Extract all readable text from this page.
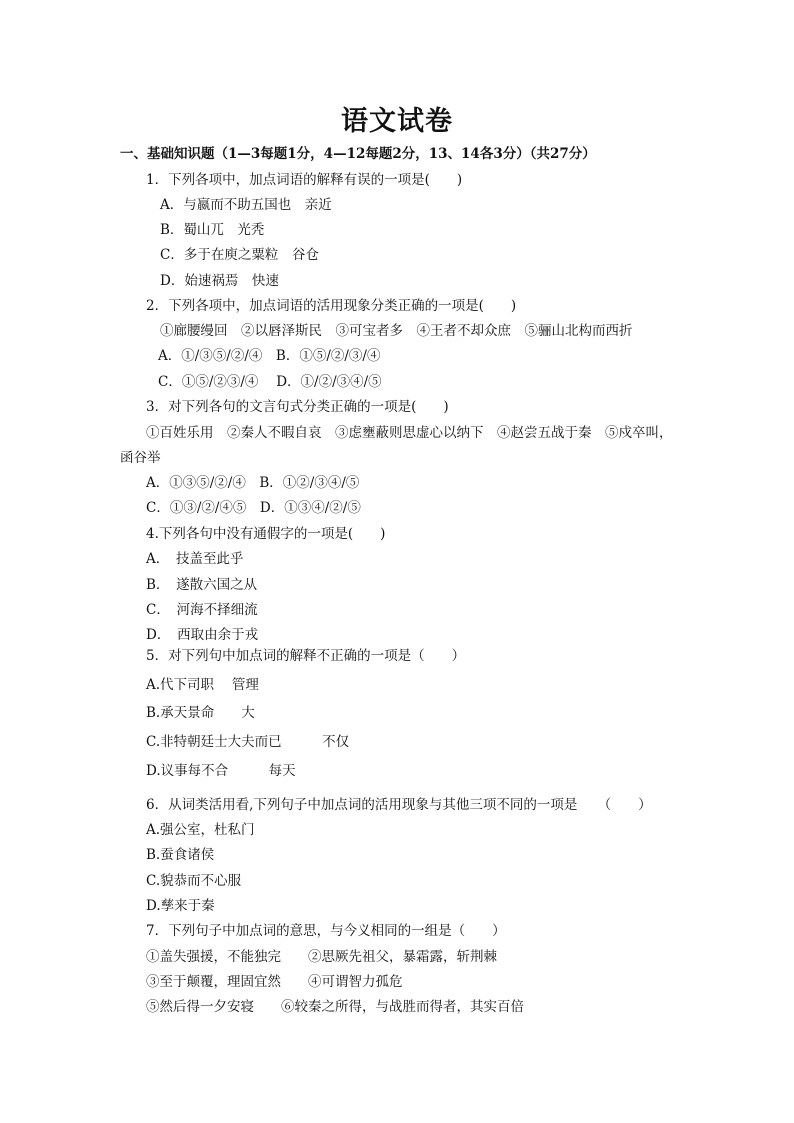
语文试卷
一、基础知识题（1—3每题1分，4—12每题2分，13、14各3分）（共27分）
1．下列各项中，加点词语的解释有误的一项是(　　)
A．与嬴而不助五国也　亲近
B．蜀山兀　光秃
C．多于在庾之粟粒　谷仓
D．始速祸焉　快速
2．下列各项中，加点词语的活用现象分类正确的一项是(　　)
①廊腰缦回　②以唇泽斯民　③可宝者多　④王者不却众庶　⑤骊山北构而西折
A．①/③⑤/②/④　B．①⑤/②/③/④
C．①⑤/②③/④　 D．①/②/③④/⑤
3．对下列各句的文言句式分类正确的一项是(　　)
①百姓乐用　②秦人不暇自哀　③虑壅蔽则思虚心以纳下　④赵尝五战于秦　⑤戍卒叫，
函谷举
A．①③⑤/②/④　B．①②/③④/⑤
C．①③/②/④⑤　D．①③④/②/⑤
4.下列各句中没有通假字的一项是(　　)
A．　技盖至此乎
B．　遂散六国之从
C．　河海不择细流
D．　西取由余于戎
5．对下列句中加点词的解释不正确的一项是（　　）
A.代下司职　 管理
B.承天景命　　大
C.非特朝廷士大夫而已　　　不仅
D.议事每不合　　　每天
6．从词类活用看,下列句子中加点词的活用现象与其他三项不同的一项是　　（　　）
A.强公室，杜私门
B.蚕食诸侯
C.貌恭而不心服
D.孳来于秦
7．下列句子中加点词的意思，与今义相同的一组是（　　）
①盖失强援，不能独完　　②思厥先祖父，暴霜露，斩荆棘
③至于颠覆，理固宜然　　④可谓智力孤危
⑤然后得一夕安寝　　⑥较秦之所得，与战胜而得者，其实百倍
